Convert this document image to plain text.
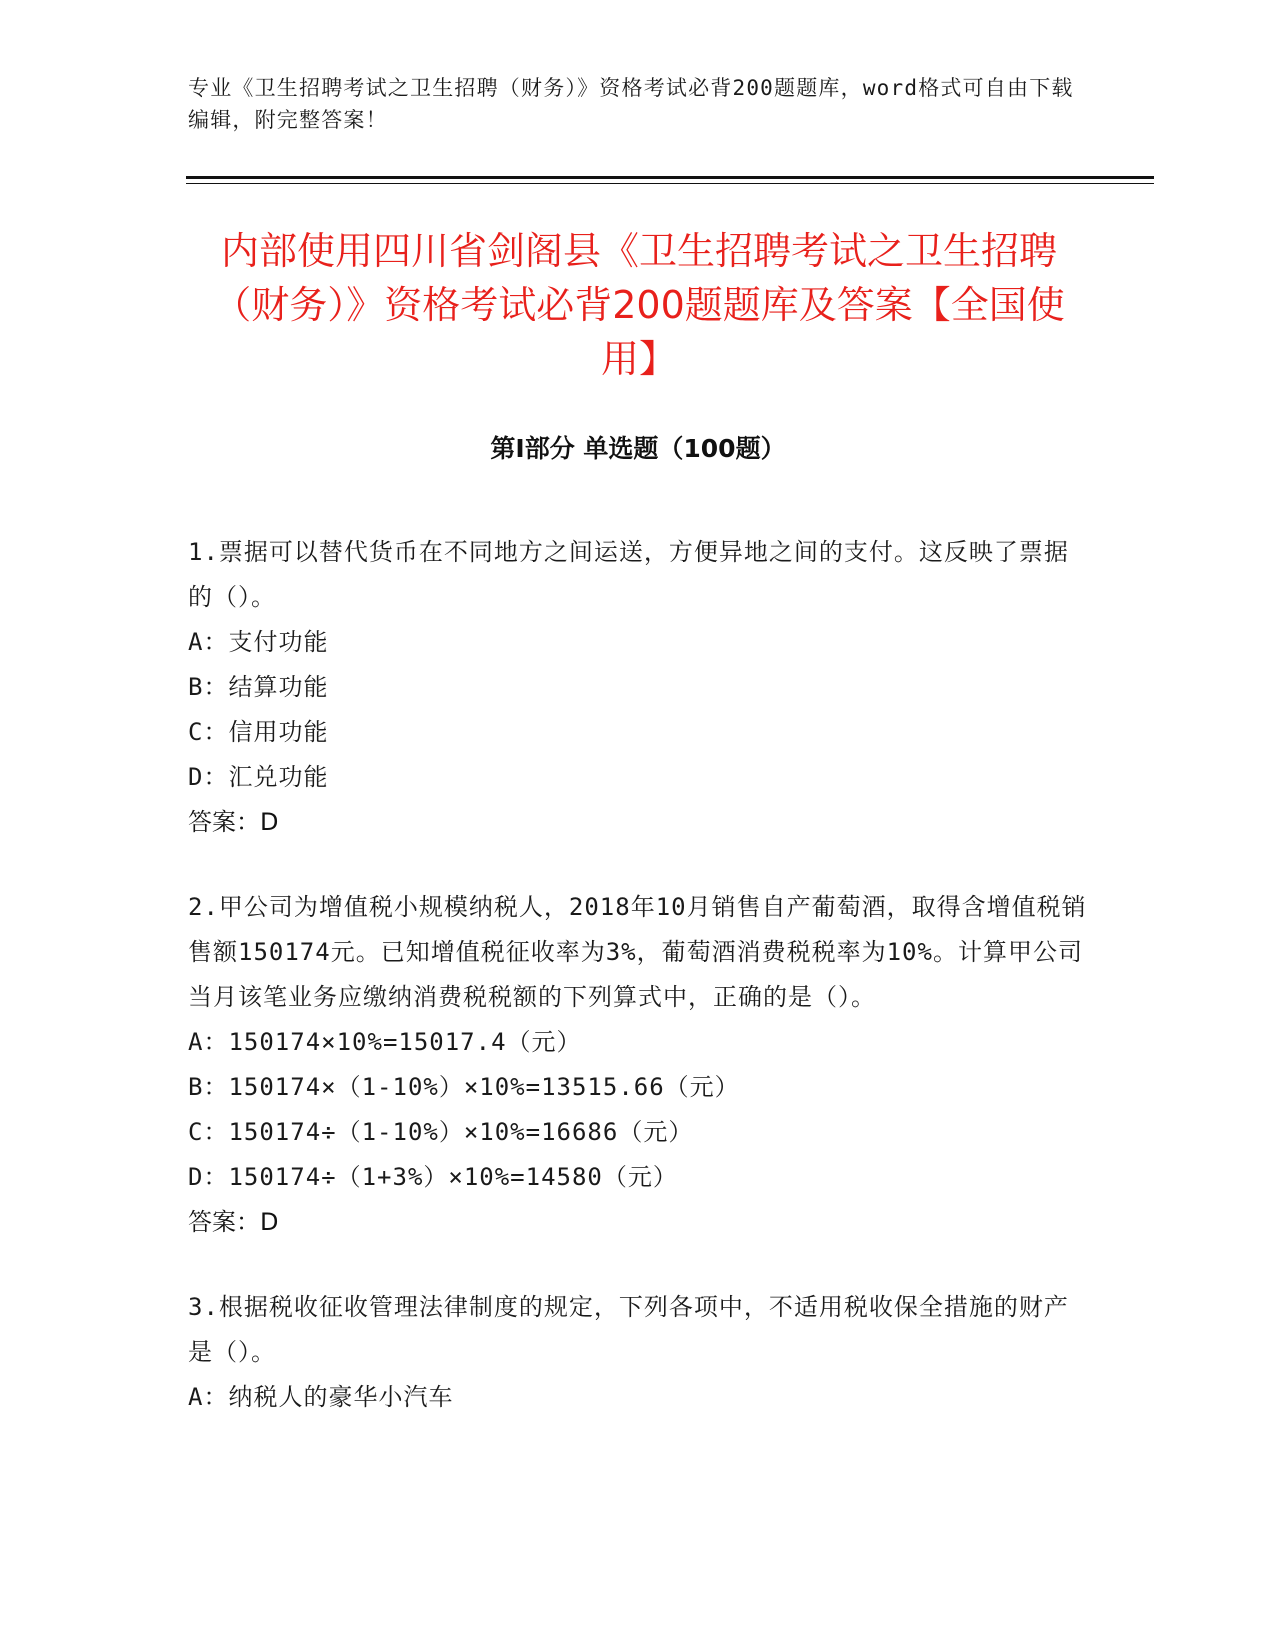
专业《卫生招聘考试之卫生招聘（财务）》资格考试必背200题题库，word格式可自由下载编辑，附完整答案！
内部使用四川省剑阁县《卫生招聘考试之卫生招聘（财务）》资格考试必背200题题库及答案【全国使用】
第Ⅰ部分 单选题（100题）

1.票据可以替代货币在不同地方之间运送，方便异地之间的支付。这反映了票据的（）。

A：支付功能

B：结算功能

C：信用功能

D：汇兑功能

答案：D

2.甲公司为增值税小规模纳税人，2018年10月销售自产葡萄酒，取得含增值税销售额150174元。已知增值税征收率为3%，葡萄酒消费税税率为10%。计算甲公司当月该笔业务应缴纳消费税税额的下列算式中，正确的是（）。

A：150174×10%=15017.4（元）

B：150174×（1-10%）×10%=13515.66（元）

C：150174÷（1-10%）×10%=16686（元）

D：150174÷（1+3%）×10%=14580（元）

答案：D

3.根据税收征收管理法律制度的规定，下列各项中，不适用税收保全措施的财产是（）。

A：纳税人的豪华小汽车
